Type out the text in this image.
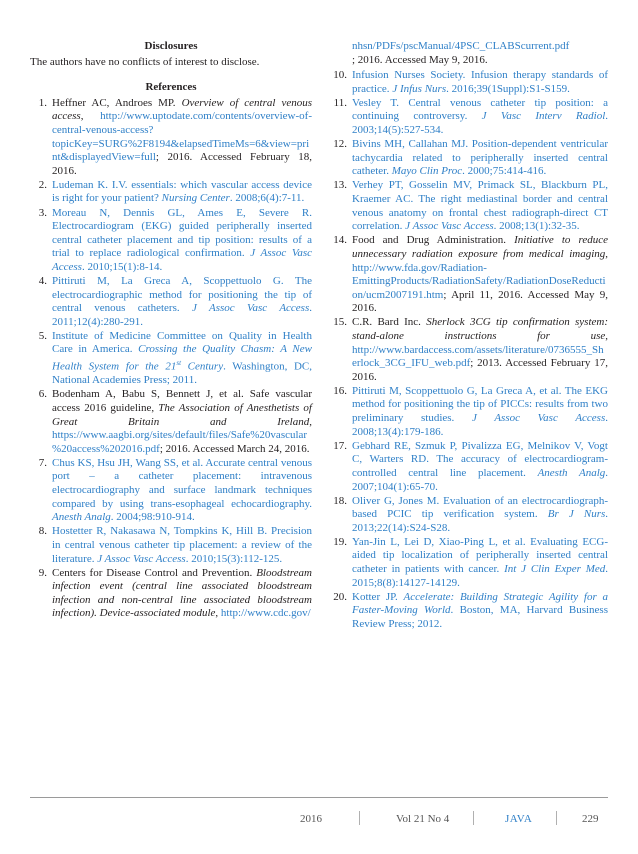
Disclosures

The authors have no conflicts of interest to disclose.

References

1. Heffner AC, Androes MP. Overview of central venous access, http://www.uptodate.com/contents/overview-of-central-venous-access?topicKey=SURG%2F8194&elapsedTimeMs=6&view=print&displayedView=full; 2016. Accessed February 18, 2016.
2. Ludeman K. I.V. essentials: which vascular access device is right for your patient? Nursing Center. 2008;6(4):7-11.
3. Moreau N, Dennis GL, Ames E, Severe R. Electrocardiogram (EKG) guided peripherally inserted central catheter placement and tip position: results of a trial to replace radiological confirmation. J Assoc Vasc Access. 2010;15(1):8-14.
4. Pittiruti M, La Greca A, Scoppettuolo G. The electrocardiographic method for positioning the tip of central venous catheters. J Assoc Vasc Access. 2011;12(4):280-291.
5. Institute of Medicine Committee on Quality in Health Care in America. Crossing the Quality Chasm: A New Health System for the 21st Century. Washington, DC, National Academies Press; 2011.
6. Bodenham A, Babu S, Bennett J, et al. Safe vascular access 2016 guideline, The Association of Anesthetists of Great Britain and Ireland, https://www.aagbi.org/sites/default/files/Safe%20vascular%20access%202016.pdf; 2016. Accessed March 24, 2016.
7. Chus KS, Hsu JH, Wang SS, et al. Accurate central venous port – a catheter placement: intravenous electrocardiography and surface landmark techniques compared by using trans-esophageal echocardiography. Anesth Analg. 2004;98:910-914.
8. Hostetter R, Nakasawa N, Tompkins K, Hill B. Precision in central venous catheter tip placement: a review of the literature. J Assoc Vasc Access. 2010;15(3):112-125.
9. Centers for Disease Control and Prevention. Bloodstream infection event (central line associated bloodstream infection and non-central line associated bloodstream infection). Device-associated module, http://www.cdc.gov/

nhsn/PDFs/pscManual/4PSC_CLABScurrent.pdf

; 2016. Accessed May 9, 2016.

10. Infusion Nurses Society. Infusion therapy standards of practice. J Infus Nurs. 2016;39(1Suppl):S1-S159.
11. Vesley T. Central venous catheter tip position: a continuing controversy. J Vasc Interv Radiol. 2003;14(5):527-534.
12. Bivins MH, Callahan MJ. Position-dependent ventricular tachycardia related to peripherally inserted central catheter. Mayo Clin Proc. 2000;75:414-416.
13. Verhey PT, Gosselin MV, Primack SL, Blackburn PL, Kraemer AC. The right mediastinal border and central venous anatomy on frontal chest radiograph-direct CT correlation. J Assoc Vasc Access. 2008;13(1):32-35.
14. Food and Drug Administration. Initiative to reduce unnecessary radiation exposure from medical imaging, http://www.fda.gov/Radiation-EmittingProducts/RadiationSafety/RadiationDoseReduction/ucm2007191.htm; April 11, 2016. Accessed May 9, 2016.
15. C.R. Bard Inc. Sherlock 3CG tip confirmation system: stand-alone instructions for use, http://www.bardaccess.com/assets/literature/0736555_Sherlock_3CG_IFU_web.pdf; 2013. Accessed February 17, 2016.
16. Pittiruti M, Scoppettuolo G, La Greca A, et al. The EKG method for positioning the tip of PICCs: results from two preliminary studies. J Assoc Vasc Access. 2008;13(4):179-186.
17. Gebhard RE, Szmuk P, Pivalizza EG, Melnikov V, Vogt C, Warters RD. The accuracy of electrocardiogram-controlled central line placement. Anesth Analg. 2007;104(1):65-70.
18. Oliver G, Jones M. Evaluation of an electrocardiograph-based PCIC tip verification system. Br J Nurs. 2013;22(14):S24-S28.
19. Yan-Jin L, Lei D, Xiao-Ping L, et al. Evaluating ECG-aided tip localization of peripherally inserted central catheter in patients with cancer. Int J Clin Exper Med. 2015;8(8):14127-14129.
20. Kotter JP. Accelerate: Building Strategic Agility for a Faster-Moving World. Boston, MA, Harvard Business Review Press; 2012.
2016	Vol 21 No 4	JAVA	229
